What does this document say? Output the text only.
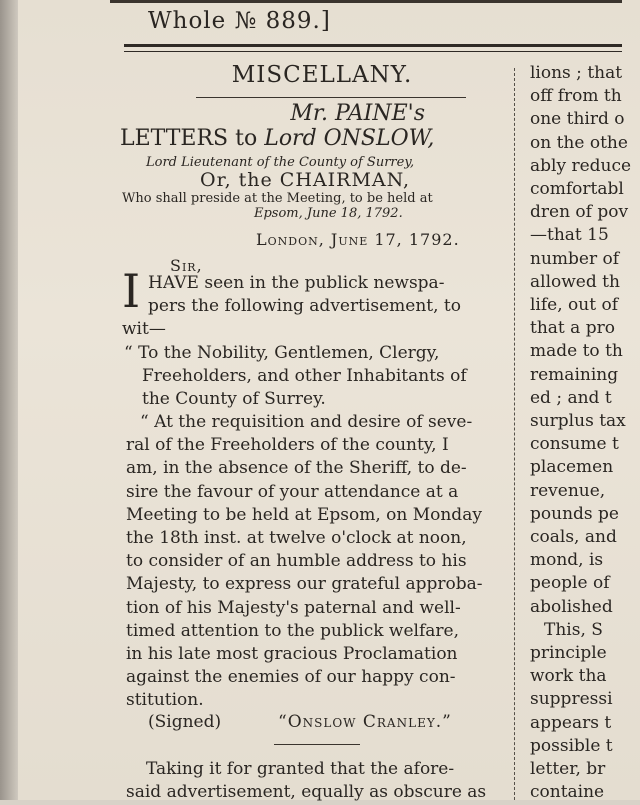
Whole № 889.]
MISCELLANY.
Mr. PAINE's
LETTERS to Lord ONSLOW,
Lord Lieutenant of the County of Surrey,
Or, the CHAIRMAN,
Who shall preside at the Meeting, to be held at
Epsom, June 18, 1792.
London, June 17, 1792.
Sir,
I HAVE seen in the publick newspa-
pers the following advertisement, to
wit—
“ To the Nobility, Gentlemen, Clergy,
Freeholders, and other Inhabitants of
the County of Surrey.
“ At the requisition and desire of seve-
ral of the Freeholders of the county, I
am, in the absence of the Sheriff, to de-
sire the favour of your attendance at a
Meeting to be held at Epsom, on Monday
the 18th inst. at twelve o'clock at noon,
to consider of an humble address to his
Majesty, to express our grateful approba-
tion of his Majesty's paternal and well-
timed attention to the publick welfare,
in his late most gracious Proclamation
against the enemies of our happy con-
stitution.
(Signed)	“Onslow Cranley.”
Taking it for granted that the afore-
said advertisement, equally as obscure as
lions ; that
off from th
one third o
on the othe
ably reduce
comfortabl
dren of pov
—that 15
number of
allowed th
life, out of
that a pro
made to th
remaining
ed ; and t
surplus tax
consume t
placemen
revenue,
pounds pe
coals, and
mond, is
people of
abolished
This, S
principle
work tha
suppressi
appears t
possible t
letter, br
containe
